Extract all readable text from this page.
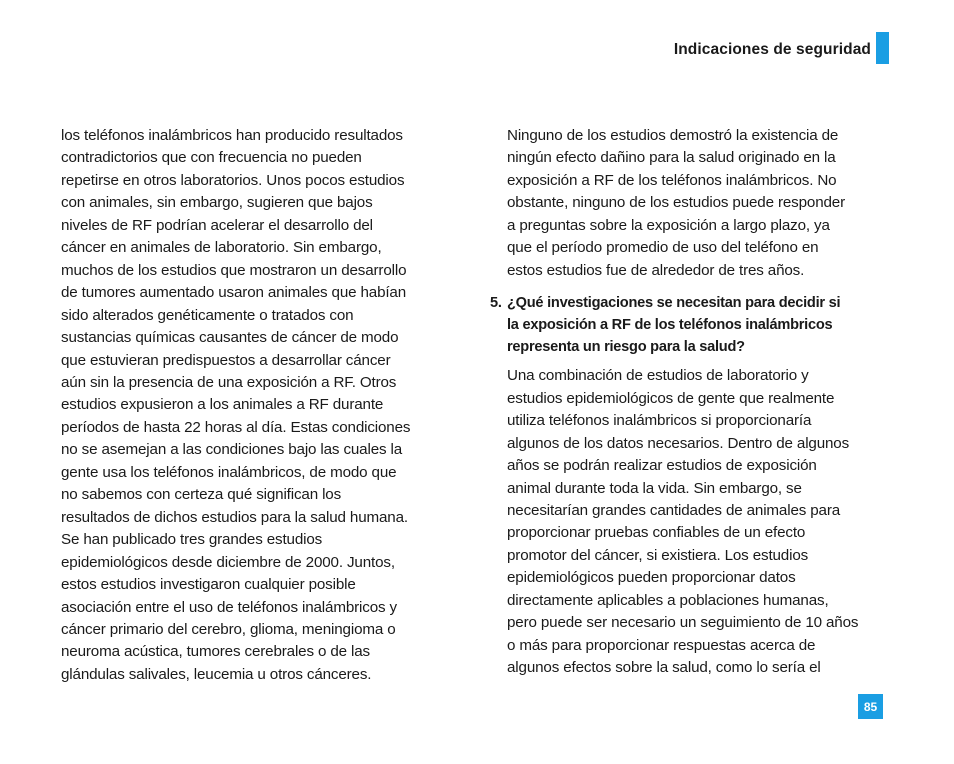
Indicaciones de seguridad
los teléfonos inalámbricos han producido resultados
contradictorios que con frecuencia no pueden
repetirse en otros laboratorios. Unos pocos estudios
con animales, sin embargo, sugieren que bajos
niveles de RF podrían acelerar el desarrollo del
cáncer en animales de laboratorio. Sin embargo,
muchos de los estudios que mostraron un desarrollo
de tumores aumentado usaron animales que habían
sido alterados genéticamente o tratados con
sustancias químicas causantes de cáncer de modo
que estuvieran predispuestos a desarrollar cáncer
aún sin la presencia de una exposición a RF. Otros
estudios expusieron a los animales a RF durante
períodos de hasta 22 horas al día. Estas condiciones
no se asemejan a las condiciones bajo las cuales la
gente usa los teléfonos inalámbricos, de modo que
no sabemos con certeza qué significan los
resultados de dichos estudios para la salud humana.
Se han publicado tres grandes estudios
epidemiológicos desde diciembre de 2000. Juntos,
estos estudios investigaron cualquier posible
asociación entre el uso de teléfonos inalámbricos y
cáncer primario del cerebro, glioma, meningioma o
neuroma acústica, tumores cerebrales o de las
glándulas salivales, leucemia u otros cánceres.
Ninguno de los estudios demostró la existencia de
ningún efecto dañino para la salud originado en la
exposición a RF de los teléfonos inalámbricos. No
obstante, ninguno de los estudios puede responder
a preguntas sobre la exposición a largo plazo, ya
que el período promedio de uso del teléfono en
estos estudios fue de alrededor de tres años.
5. ¿Qué investigaciones se necesitan para decidir si
la exposición a RF de los teléfonos inalámbricos
representa un riesgo para la salud?
Una combinación de estudios de laboratorio y
estudios epidemiológicos de gente que realmente
utiliza teléfonos inalámbricos si proporcionaría
algunos de los datos necesarios. Dentro de algunos
años se podrán realizar estudios de exposición
animal durante toda la vida. Sin embargo, se
necesitarían grandes cantidades de animales para
proporcionar pruebas confiables de un efecto
promotor del cáncer, si existiera. Los estudios
epidemiológicos pueden proporcionar datos
directamente aplicables a poblaciones humanas,
pero puede ser necesario un seguimiento de 10 años
o más para proporcionar respuestas acerca de
algunos efectos sobre la salud, como lo sería el
85
